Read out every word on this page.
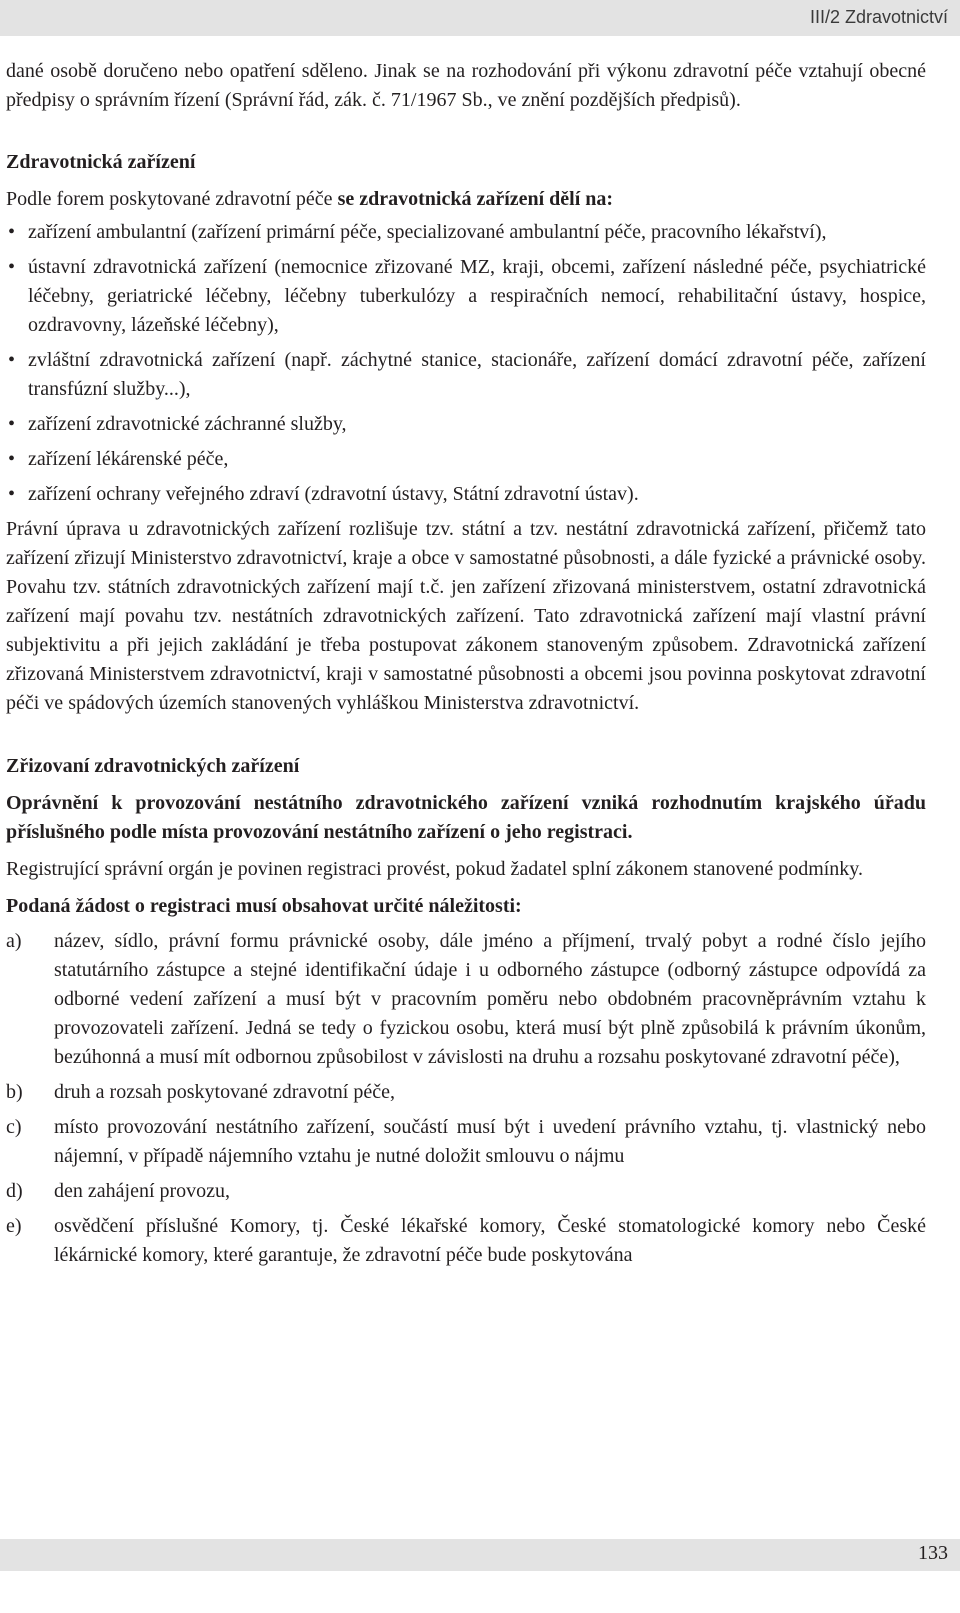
III/2 Zdravotnictví

dané osobě doručeno nebo opatření sděleno. Jinak se na rozhodování při výkonu zdravotní péče vztahují obecné předpisy o správním řízení (Správní řád, zák. č. 71/1967 Sb., ve znění pozdějších předpisů).

Zdravotnická zařízení

Podle forem poskytované zdravotní péče se zdravotnická zařízení dělí na:

• zařízení ambulantní (zařízení primární péče, specializované ambulantní péče, pracovního lékařství),
• ústavní zdravotnická zařízení (nemocnice zřizované MZ, kraji, obcemi, zařízení následné péče, psychiatrické léčebny, geriatrické léčebny, léčebny tuberkulózy a respiračních nemocí, rehabilitační ústavy, hospice, ozdravovny, lázeňské léčebny),
• zvláštní zdravotnická zařízení (např. záchytné stanice, stacionáře, zařízení domácí zdravotní péče, zařízení transfúzní služby...),
• zařízení zdravotnické záchranné služby,
• zařízení lékárenské péče,
• zařízení ochrany veřejného zdraví (zdravotní ústavy, Státní zdravotní ústav).

Právní úprava u zdravotnických zařízení rozlišuje tzv. státní a tzv. nestátní zdravotnická zařízení, přičemž tato zařízení zřizují Ministerstvo zdravotnictví, kraje a obce v samostatné působnosti, a dále fyzické a právnické osoby. Povahu tzv. státních zdravotnických zařízení mají t.č. jen zařízení zřizovaná ministerstvem, ostatní zdravotnická zařízení mají povahu tzv. nestátních zdravotnických zařízení. Tato zdravotnická zařízení mají vlastní právní subjektivitu a při jejich zakládání je třeba postupovat zákonem stanoveným způsobem. Zdravotnická zařízení zřizovaná Ministerstvem zdravotnictví, kraji v samostatné působnosti a obcemi jsou povinna poskytovat zdravotní péči ve spádových územích stanovených vyhláškou Ministerstva zdravotnictví.

Zřizovaní zdravotnických zařízení

Oprávnění k provozování nestátního zdravotnického zařízení vzniká rozhodnutím krajského úřadu příslušného podle místa provozování nestátního zařízení o jeho registraci.

Registrující správní orgán je povinen registraci provést, pokud žadatel splní zákonem stanovené podmínky.

Podaná žádost o registraci musí obsahovat určité náležitosti:

a) název, sídlo, právní formu právnické osoby, dále jméno a příjmení, trvalý pobyt a rodné číslo jejího statutárního zástupce a stejné identifikační údaje i u odborného zástupce (odborný zástupce odpovídá za odborné vedení zařízení a musí být v pracovním poměru nebo obdobném pracovněprávním vztahu k provozovateli zařízení. Jedná se tedy o fyzickou osobu, která musí být plně způsobilá k právním úkonům, bezúhonná a musí mít odbornou způsobilost v závislosti na druhu a rozsahu poskytované zdravotní péče),
b) druh a rozsah poskytované zdravotní péče,
c) místo provozování nestátního zařízení, součástí musí být i uvedení právního vztahu, tj. vlastnický nebo nájemní, v případě nájemního vztahu je nutné doložit smlouvu o nájmu
d) den zahájení provozu,
e) osvědčení příslušné Komory, tj. České lékařské komory, České stomatologické komory nebo České lékárnické komory, které garantuje, že zdravotní péče bude poskytována
133
